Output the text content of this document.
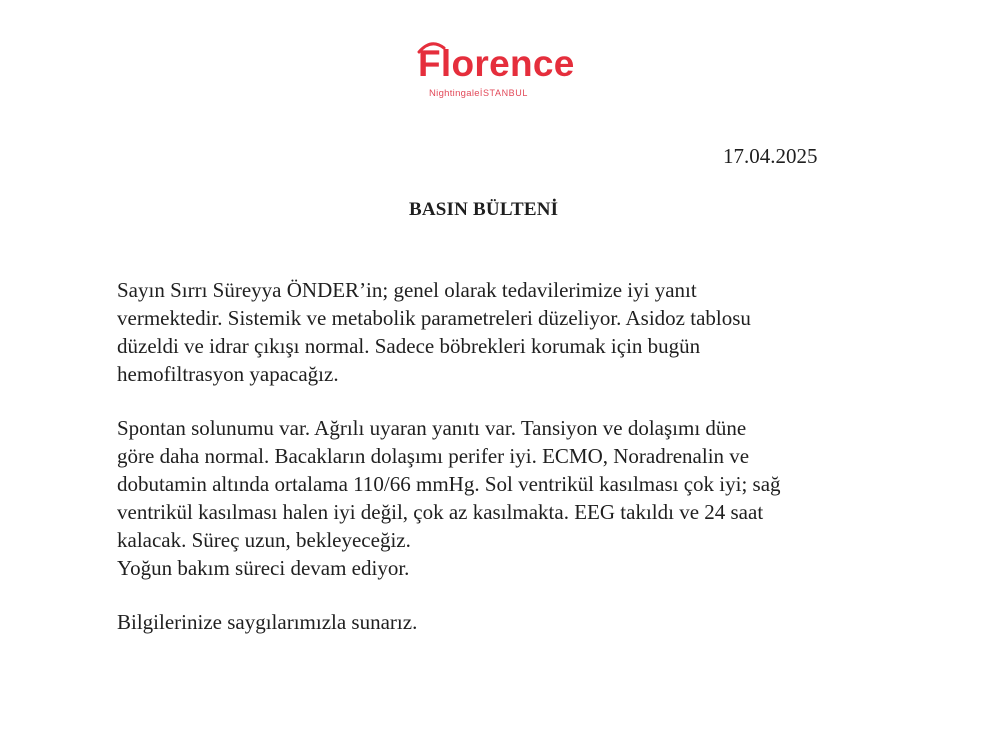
Florence
NightingaleİSTANBUL
17.04.2025
BASIN BÜLTENİ
Sayın Sırrı Süreyya ÖNDER’in; genel olarak tedavilerimize iyi yanıt
vermektedir. Sistemik ve metabolik parametreleri düzeliyor. Asidoz tablosu
düzeldi ve idrar çıkışı normal. Sadece böbrekleri korumak için bugün
hemofiltrasyon yapacağız.
Spontan solunumu var. Ağrılı uyaran yanıtı var. Tansiyon ve dolaşımı düne
göre daha normal. Bacakların dolaşımı perifer iyi. ECMO, Noradrenalin ve
dobutamin altında ortalama 110/66 mmHg. Sol ventrikül kasılması çok iyi; sağ
ventrikül kasılması halen iyi değil, çok az kasılmakta. EEG takıldı ve 24 saat
kalacak. Süreç uzun, bekleyeceğiz.
Yoğun bakım süreci devam ediyor.
Bilgilerinize saygılarımızla sunarız.
